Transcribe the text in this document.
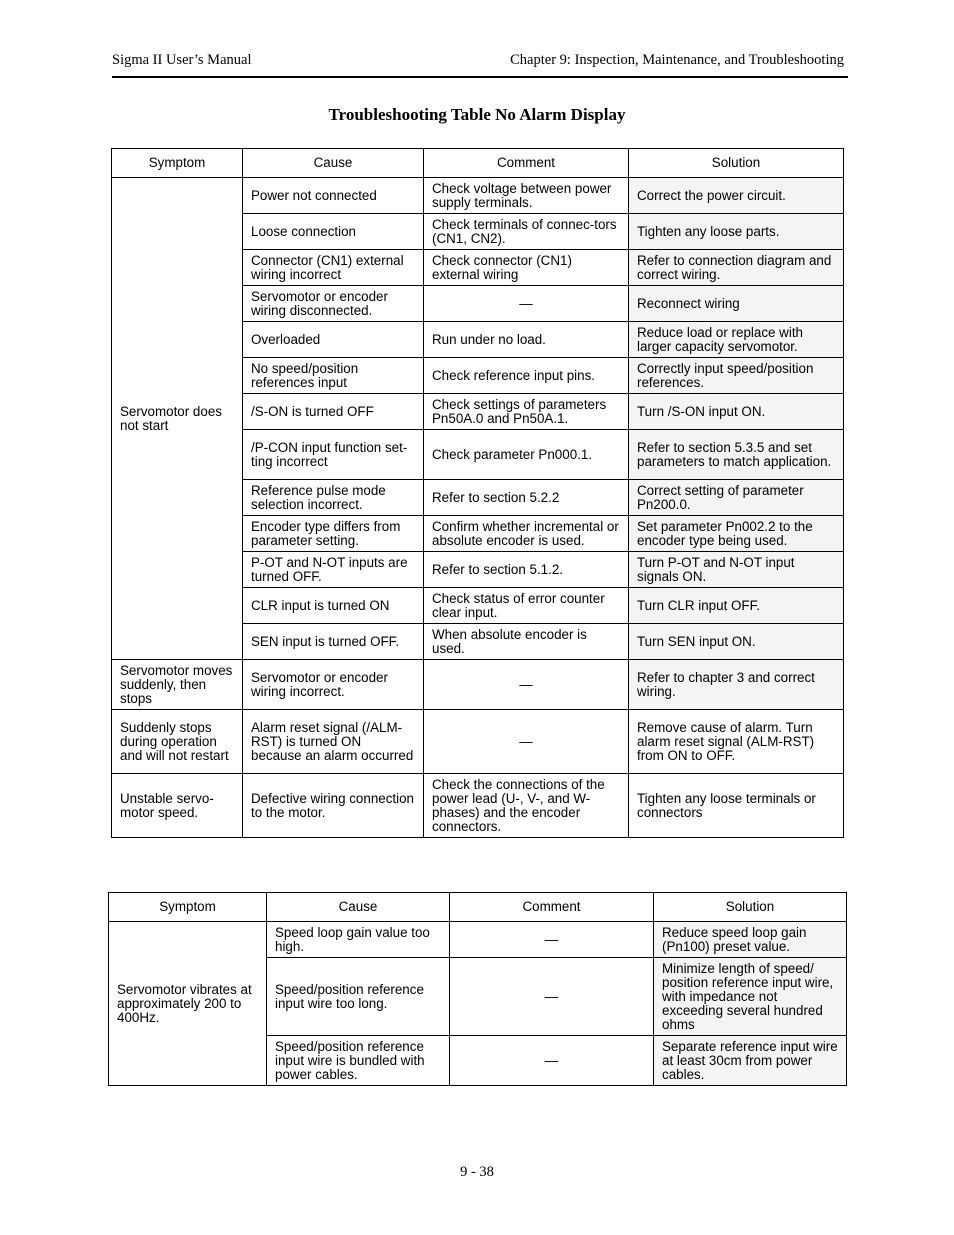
Sigma II User’s Manual	Chapter 9: Inspection, Maintenance, and Troubleshooting
Troubleshooting Table No Alarm Display
Symptom	Cause	Comment	Solution
Servomotor does not start	Power not connected	Check voltage between power supply terminals.	Correct the power circuit.
	Loose connection	Check terminals of connec-tors (CN1, CN2).	Tighten any loose parts.
	Connector (CN1) external wiring incorrect	Check connector (CN1) external wiring	Refer to connection diagram and correct wiring.
	Servomotor or encoder wiring disconnected.	—	Reconnect wiring
	Overloaded	Run under no load.	Reduce load or replace with larger capacity servomotor.
	No speed/position references input	Check reference input pins.	Correctly input speed/position references.
	/S-ON is turned OFF	Check settings of parameters Pn50A.0 and Pn50A.1.	Turn /S-ON input ON.
	/P-CON input function set-ting incorrect	Check parameter Pn000.1.	Refer to section 5.3.5 and set parameters to match application.
	Reference pulse mode selection incorrect.	Refer to section 5.2.2	Correct setting of parameter Pn200.0.
	Encoder type differs from parameter setting.	Confirm whether incremental or absolute encoder is used.	Set parameter Pn002.2 to the encoder type being used.
	P-OT and N-OT inputs are turned OFF.	Refer to section 5.1.2.	Turn P-OT and N-OT input signals ON.
	CLR input is turned ON	Check status of error counter clear input.	Turn CLR input OFF.
	SEN input is turned OFF.	When absolute encoder is used.	Turn SEN input ON.
Servomotor moves suddenly, then stops	Servomotor or encoder wiring incorrect.	—	Refer to chapter 3 and correct wiring.
Suddenly stops during operation and will not restart	Alarm reset signal (/ALM-RST) is turned ON because an alarm occurred	—	Remove cause of alarm. Turn alarm reset signal (ALM-RST) from ON to OFF.
Unstable servo-motor speed.	Defective wiring connection to the motor.	Check the connections of the power lead (U-, V-, and W-phases) and the encoder connectors.	Tighten any loose terminals or connectors
Symptom	Cause	Comment	Solution
Servomotor vibrates at approximately 200 to 400Hz.	Speed loop gain value too high.	—	Reduce speed loop gain (Pn100) preset value.
	Speed/position reference input wire too long.	—	Minimize length of speed/ position reference input wire, with impedance not exceeding several hundred ohms
	Speed/position reference input wire is bundled with power cables.	—	Separate reference input wire at least 30cm from power cables.
9 - 38
